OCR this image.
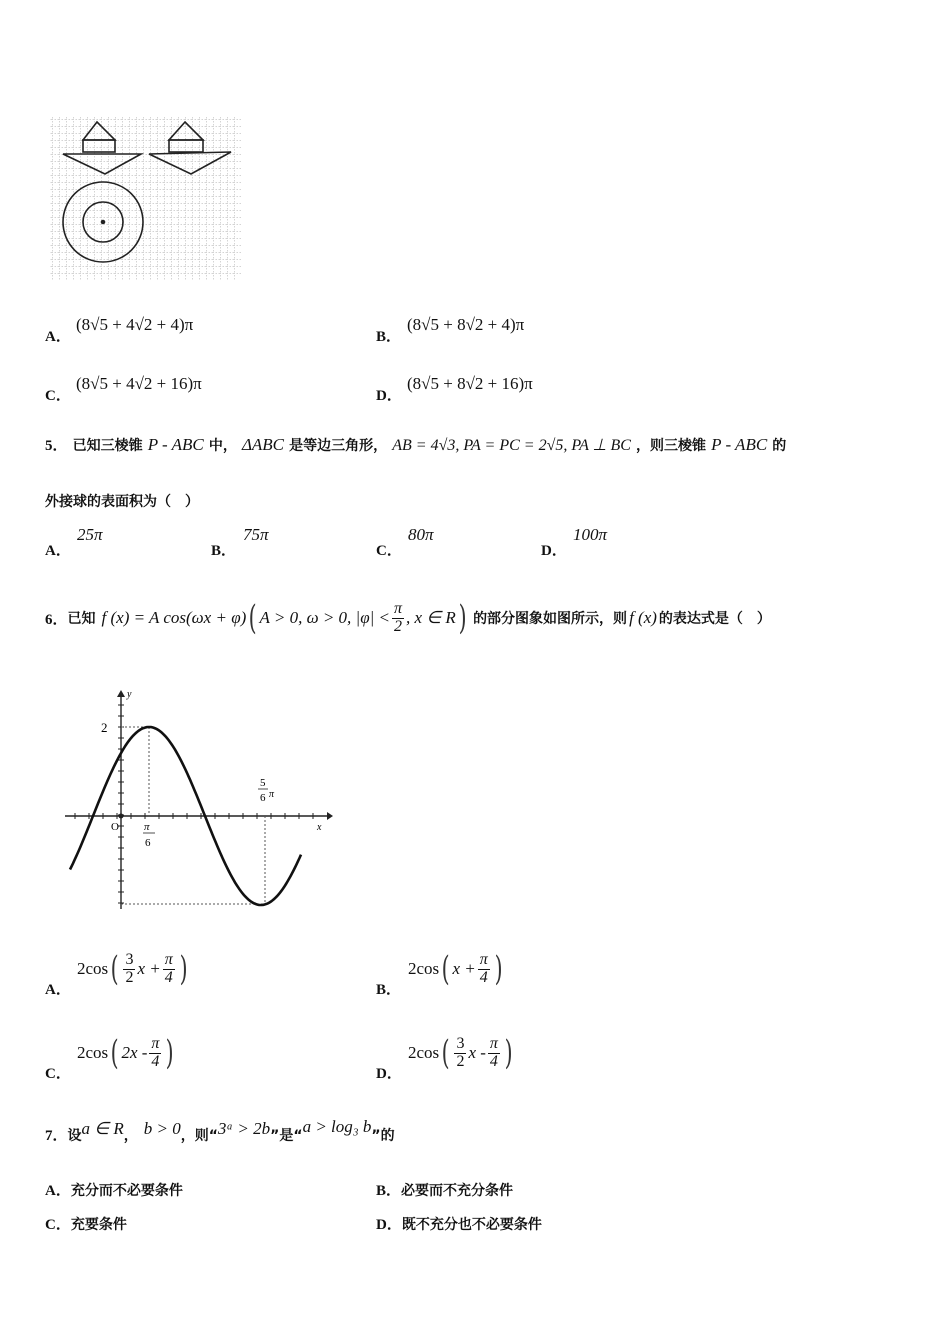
A．
(8√5 + 4√2 + 4)π
B．
(8√5 + 8√2 + 4)π
C．
(8√5 + 4√2 + 16)π
D．
(8√5 + 8√2 + 16)π
5． 已知三棱锥 P - ABC 中， ΔABC 是等边三角形， AB = 4√3, PA = PC = 2√5, PA ⊥ BC ，则三棱锥 P - ABC 的
外接球的表面积为（　）
A．
25π
B．
75π
C．
80π
D．
100π
6． 已知 f (x) = A cos(ωx + φ) ( A > 0, ω > 0, $|\varphi| < \frac{\pi}{2}$ , x ∈ R ) 的部分图象如图所示，则 f (x) 的表达式是（　）
y
x
O
2
π
6
5
6 π
A．
2cos ( $\frac{3}{2}$ $x + \frac{\pi}{4}$ )
B．
2cos ( $x + \frac{\pi}{4}$ )
C．
2cos ( $2x - \frac{\pi}{4}$ )
D．
2cos ( $\frac{3}{2}$ x - $\frac{\pi}{4}$ )
7． 设 a ∈ R ， b > 0 ，则“ 3ᵃ > 2b ”是“ a > log₃ b ”的
A．充分而不必要条件	B．必要而不充分条件
C．充要条件	D．既不充分也不必要条件
